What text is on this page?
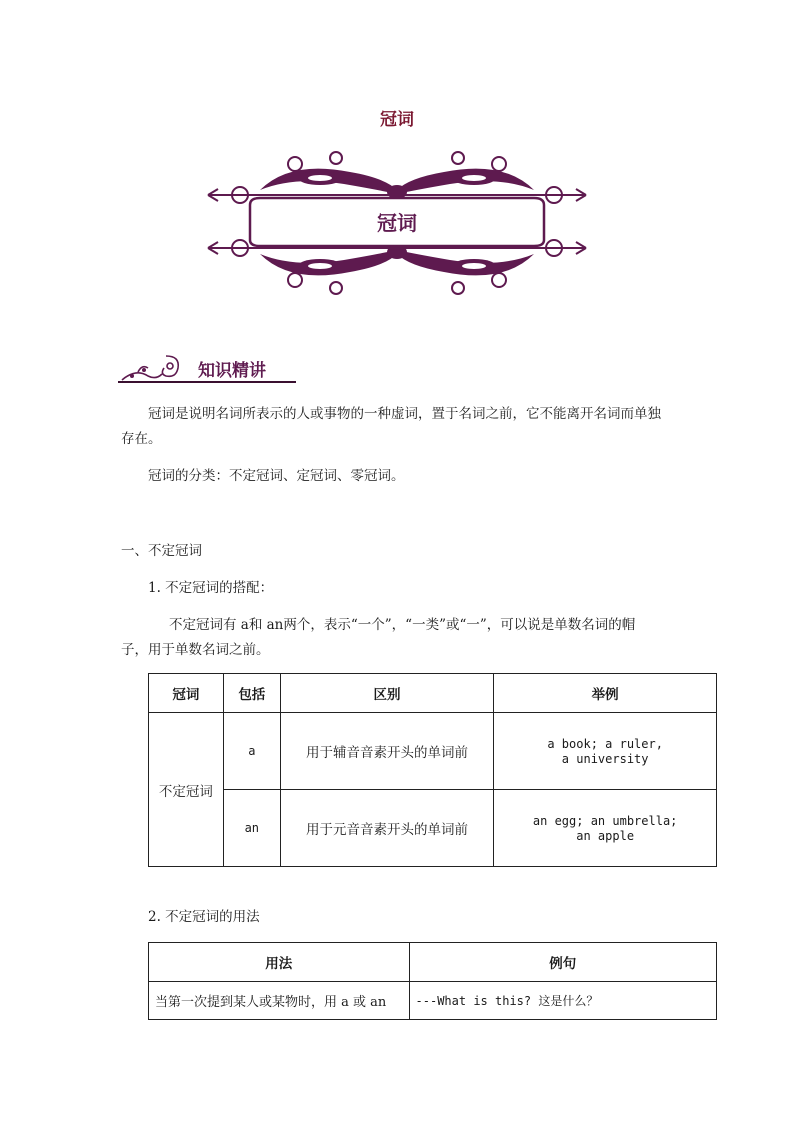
冠词
冠词
知识精讲
冠词是说明名词所表示的人或事物的一种虚词，置于名词之前，它不能离开名词而单独
存在。
冠词的分类：不定冠词、定冠词、零冠词。
一、不定冠词
1. 不定冠词的搭配：
不定冠词有 a和 an两个，表示“一个”，“一类”或“一”，可以说是单数名词的帽
子，用于单数名词之前。
冠词	包括	区别	举例
不定冠词	a	用于辅音音素开头的单词前	a book; a ruler,
a university

	an	用于元音音素开头的单词前	an egg; an umbrella;
an apple
2. 不定冠词的用法
用法	例句
当第一次提到某人或某物时，用 a 或 an	---What is this? 这是什么？
